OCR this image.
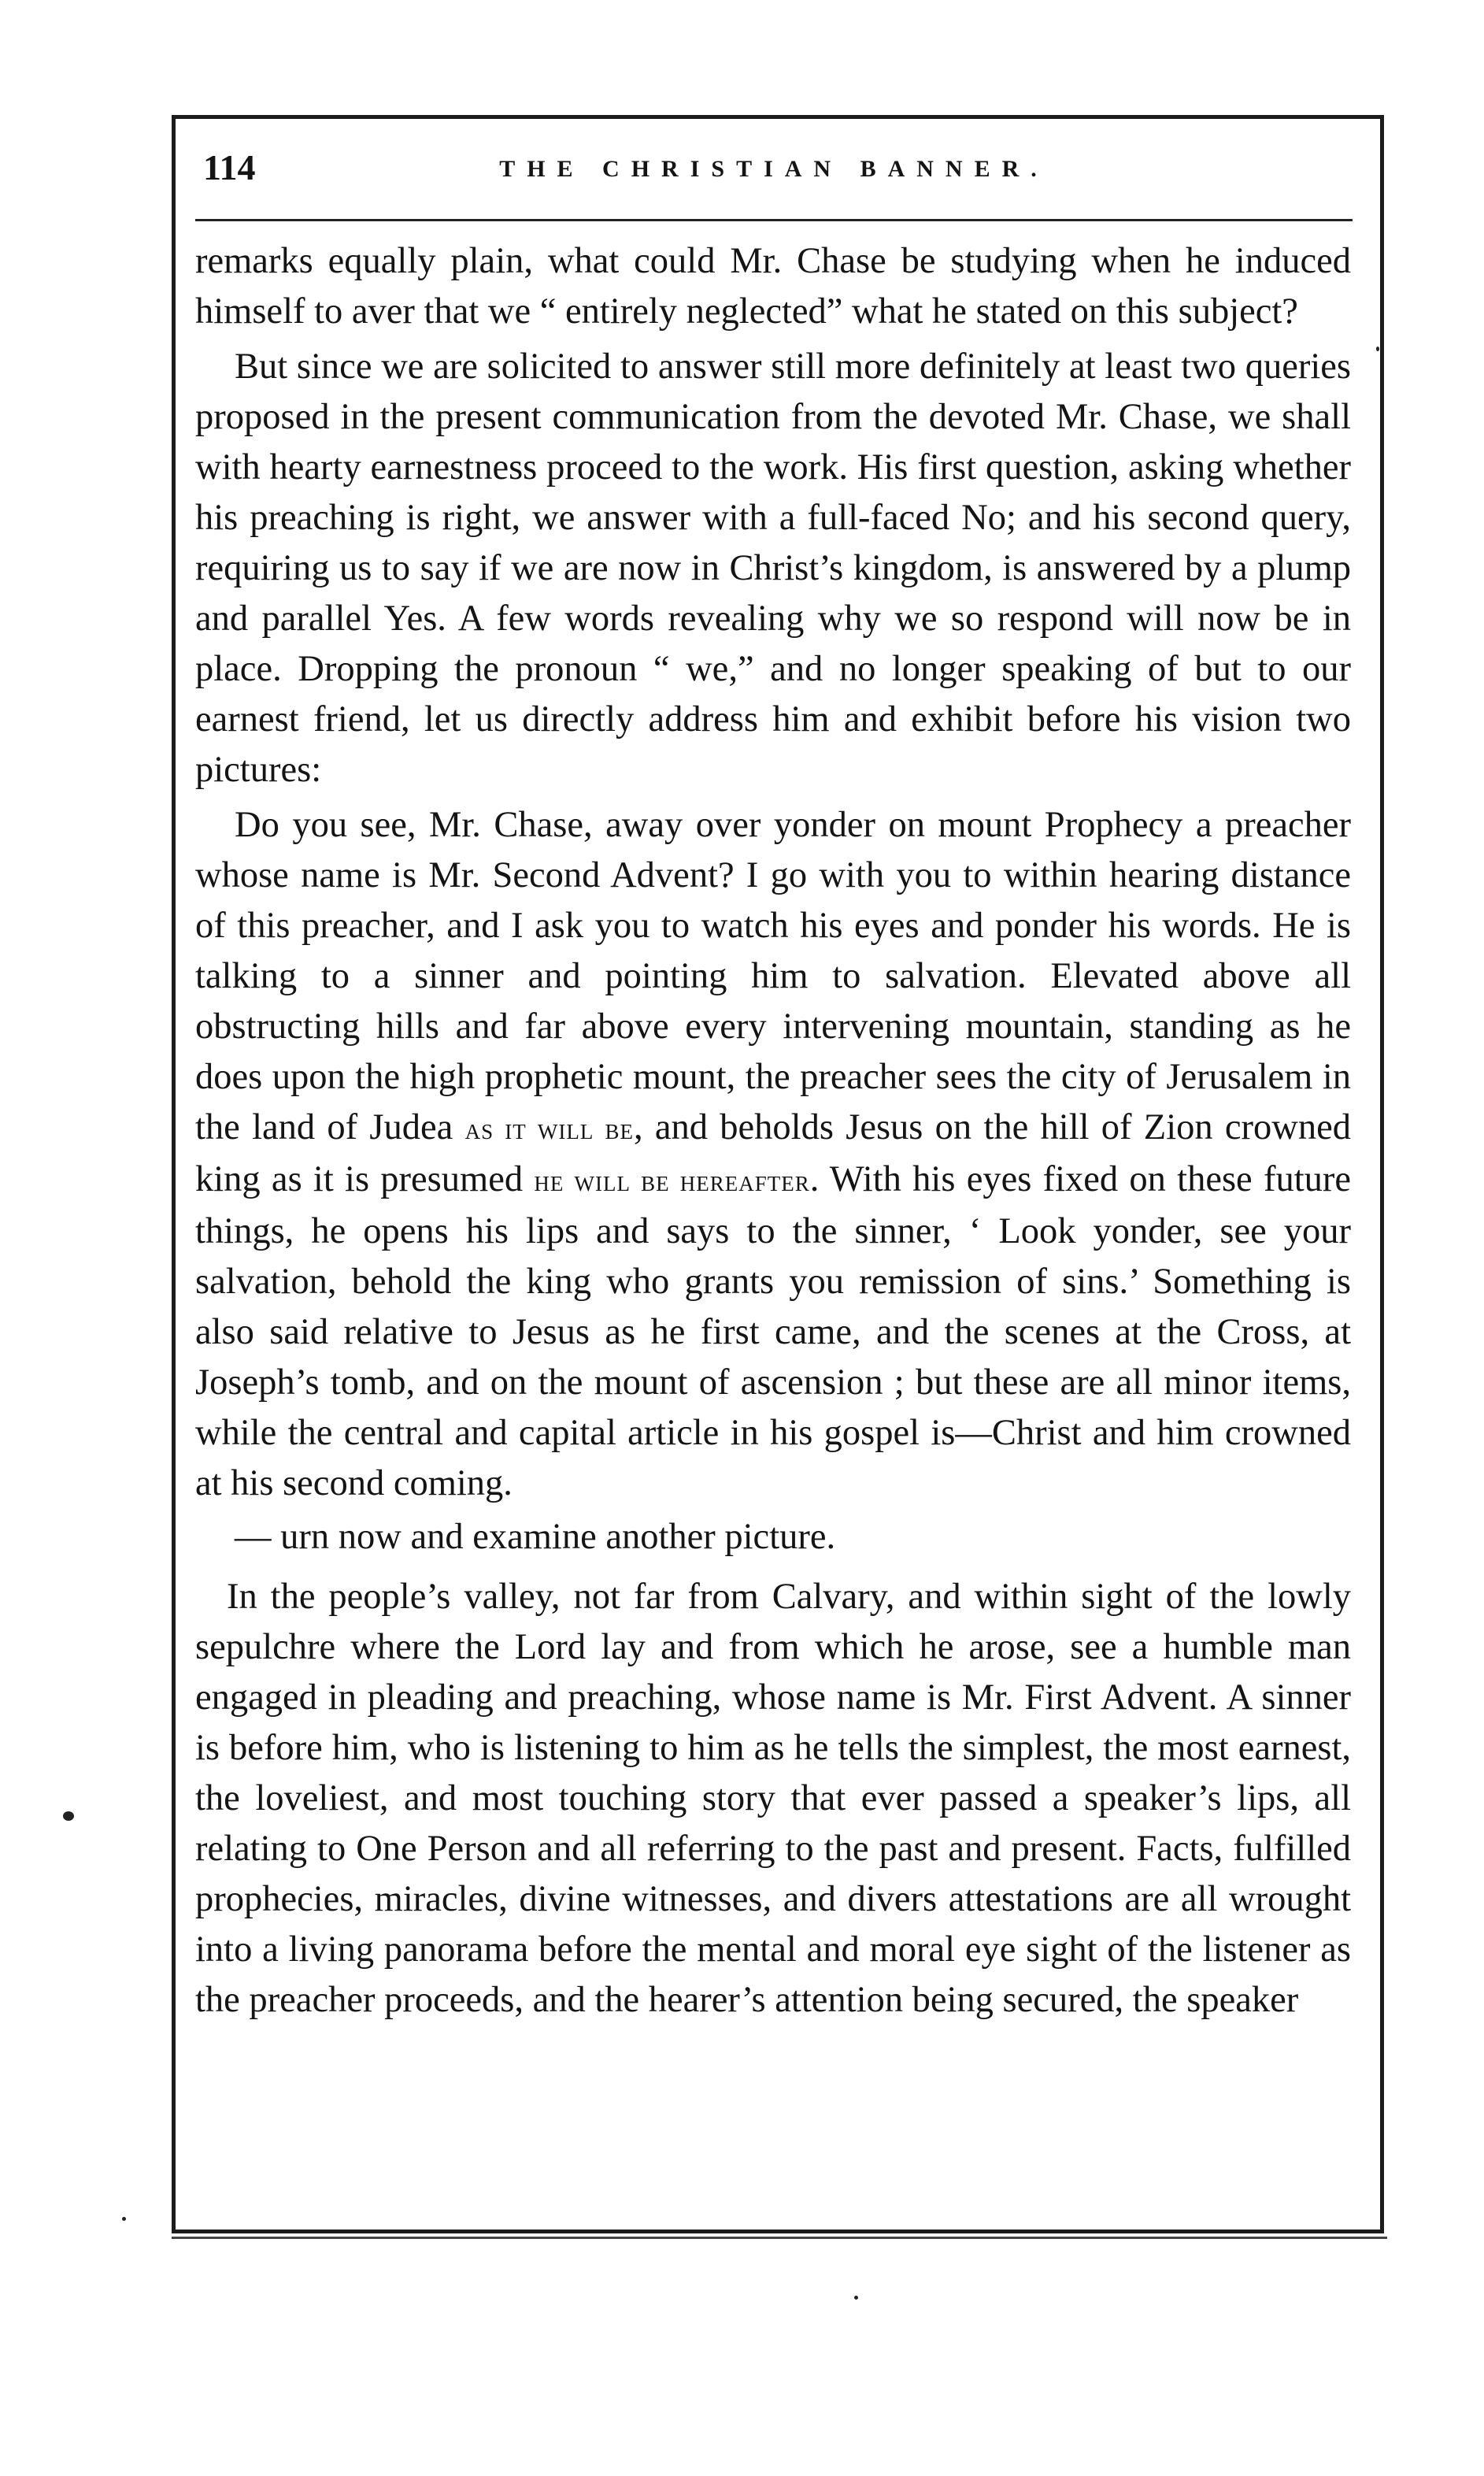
114	THE CHRISTIAN BANNER.

remarks equally plain, what could Mr. Chase be studying when he induced himself to aver that we “ entirely neglected” what he stated on this subject?

But since we are solicited to answer still more definitely at least two queries proposed in the present communication from the devoted Mr. Chase, we shall with hearty earnestness proceed to the work. His first question, asking whether his preaching is right, we answer with a full-faced No; and his second query, requiring us to say if we are now in Christ’s kingdom, is answered by a plump and parallel Yes. A few words revealing why we so respond will now be in place. Dropping the pronoun “ we,” and no longer speaking of but to our earnest friend, let us directly address him and exhibit before his vision two pictures:

Do you see, Mr. Chase, away over yonder on mount Prophecy a preacher whose name is Mr. Second Advent? I go with you to within hearing distance of this preacher, and I ask you to watch his eyes and ponder his words. He is talking to a sinner and pointing him to salvation. Elevated above all obstructing hills and far above every intervening mountain, standing as he does upon the high prophetic mount, the preacher sees the city of Jerusalem in the land of Judea as it will be, and beholds Jesus on the hill of Zion crowned king as it is presumed he will be hereafter. With his eyes fixed on these future things, he opens his lips and says to the sinner, ‘ Look yonder, see your salvation, behold the king who grants you remission of sins.’ Something is also said relative to Jesus as he first came, and the scenes at the Cross, at Joseph’s tomb, and on the mount of ascension ; but these are all minor items, while the central and capital article in his gospel is—Christ and him crowned at his second coming.

— urn now and examine another picture.

In the people’s valley, not far from Calvary, and within sight of the lowly sepulchre where the Lord lay and from which he arose, see a humble man engaged in pleading and preaching, whose name is Mr. First Advent. A sinner is before him, who is listening to him as he tells the simplest, the most earnest, the loveliest, and most touching story that ever passed a speaker’s lips, all relating to One Person and all referring to the past and present. Facts, fulfilled prophecies, miracles, divine witnesses, and divers attestations are all wrought into a living panorama before the mental and moral eye sight of the listener as the preacher proceeds, and the hearer’s attention being secured, the speaker
